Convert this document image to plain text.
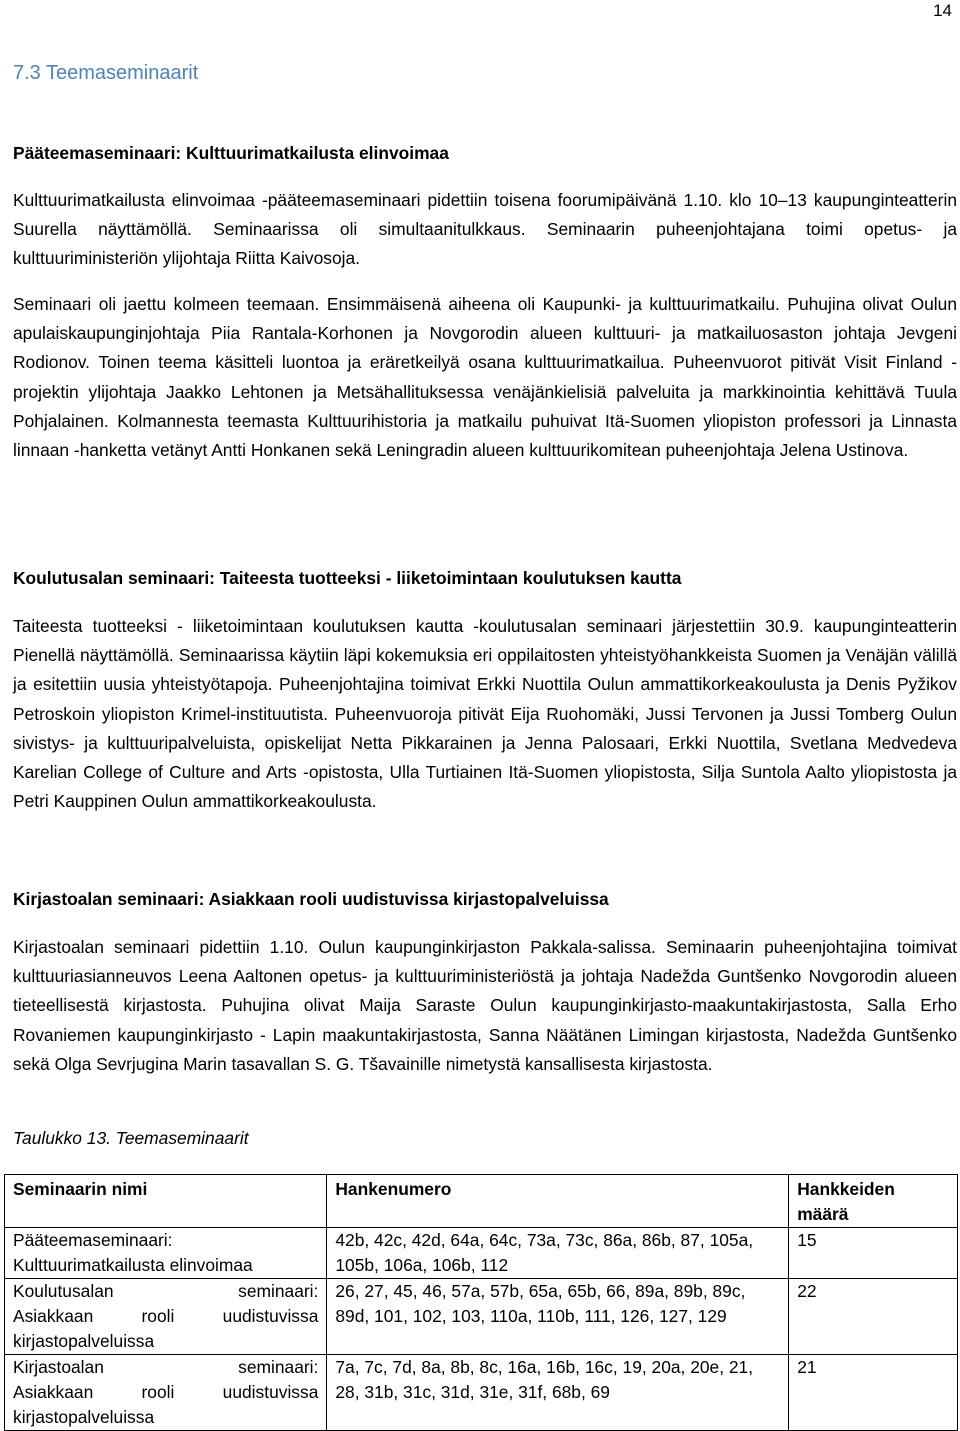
14
7.3 Teemaseminaarit
Pääteemaseminaari: Kulttuurimatkailusta elinvoimaa

Kulttuurimatkailusta elinvoimaa -pääteemaseminaari pidettiin toisena foorumipäivänä 1.10. klo 10–13 kaupunginteatterin Suurella näyttämöllä. Seminaarissa oli simultaanitulkkaus. Seminaarin puheenjohtajana toimi opetus- ja kulttuuriministeriön ylijohtaja Riitta Kaivosoja.

Seminaari oli jaettu kolmeen teemaan. Ensimmäisenä aiheena oli Kaupunki- ja kulttuurimatkailu. Puhujina olivat Oulun apulaiskaupunginjohtaja Piia Rantala-Korhonen ja Novgorodin alueen kulttuuri- ja matkailuosaston johtaja Jevgeni Rodionov. Toinen teema käsitteli luontoa ja eräretkeilyä osana kulttuurimatkailua. Puheenvuorot pitivät Visit Finland -projektin ylijohtaja Jaakko Lehtonen ja Metsähallituksessa venäjänkielisiä palveluita ja markkinointia kehittävä Tuula Pohjalainen. Kolmannesta teemasta Kulttuurihistoria ja matkailu puhuivat Itä-Suomen yliopiston professori ja Linnasta linnaan -hanketta vetänyt Antti Honkanen sekä Leningradin alueen kulttuurikomitean puheenjohtaja Jelena Ustinova.

Koulutusalan seminaari: Taiteesta tuotteeksi - liiketoimintaan koulutuksen kautta

Taiteesta tuotteeksi - liiketoimintaan koulutuksen kautta -koulutusalan seminaari järjestettiin 30.9. kaupunginteatterin Pienellä näyttämöllä. Seminaarissa käytiin läpi kokemuksia eri oppilaitosten yhteistyöhankkeista Suomen ja Venäjän välillä ja esitettiin uusia yhteistyötapoja. Puheenjohtajina toimivat Erkki Nuottila Oulun ammattikorkeakoulusta ja Denis Pyžikov Petroskoin yliopiston Krimel-instituutista. Puheenvuoroja pitivät Eija Ruohomäki, Jussi Tervonen ja Jussi Tomberg Oulun sivistys- ja kulttuuripalveluista, opiskelijat Netta Pikkarainen ja Jenna Palosaari, Erkki Nuottila, Svetlana Medvedeva Karelian College of Culture and Arts -opistosta, Ulla Turtiainen Itä-Suomen yliopistosta, Silja Suntola Aalto yliopistosta ja Petri Kauppinen Oulun ammattikorkeakoulusta.

Kirjastoalan seminaari: Asiakkaan rooli uudistuvissa kirjastopalveluissa

Kirjastoalan seminaari pidettiin 1.10. Oulun kaupunginkirjaston Pakkala-salissa. Seminaarin puheenjohtajina toimivat kulttuuriasianneuvos Leena Aaltonen opetus- ja kulttuuriministeriöstä ja johtaja Nadežda Guntšenko Novgorodin alueen tieteellisestä kirjastosta. Puhujina olivat Maija Saraste Oulun kaupunginkirjasto-maakuntakirjastosta, Salla Erho Rovaniemen kaupunginkirjasto - Lapin maakuntakirjastosta, Sanna Näätänen Limingan kirjastosta, Nadežda Guntšenko sekä Olga Sevrjugina Marin tasavallan S. G. Tšavainille nimetystä kansallisesta kirjastosta.

Taulukko 13. Teemaseminaarit
Seminaarin nimi	Hankenumero	Hankkeiden määrä

Pääteemaseminaari:
Kulttuurimatkailusta elinvoimaa	42b, 42c, 42d, 64a, 64c, 73a, 73c, 86a, 86b, 87, 105a, 105b, 106a, 106b, 112	15

Koulutusalan seminaari:
Asiakkaan rooli uudistuvissa
kirjastopalveluissa	26, 27, 45, 46, 57a, 57b, 65a, 65b, 66, 89a, 89b, 89c, 89d, 101, 102, 103, 110a, 110b, 111, 126, 127, 129	22

Kirjastoalan seminaari:
Asiakkaan rooli uudistuvissa
kirjastopalveluissa	7a, 7c, 7d, 8a, 8b, 8c, 16a, 16b, 16c, 19, 20a, 20e, 21, 28, 31b, 31c, 31d, 31e, 31f, 68b, 69	21
